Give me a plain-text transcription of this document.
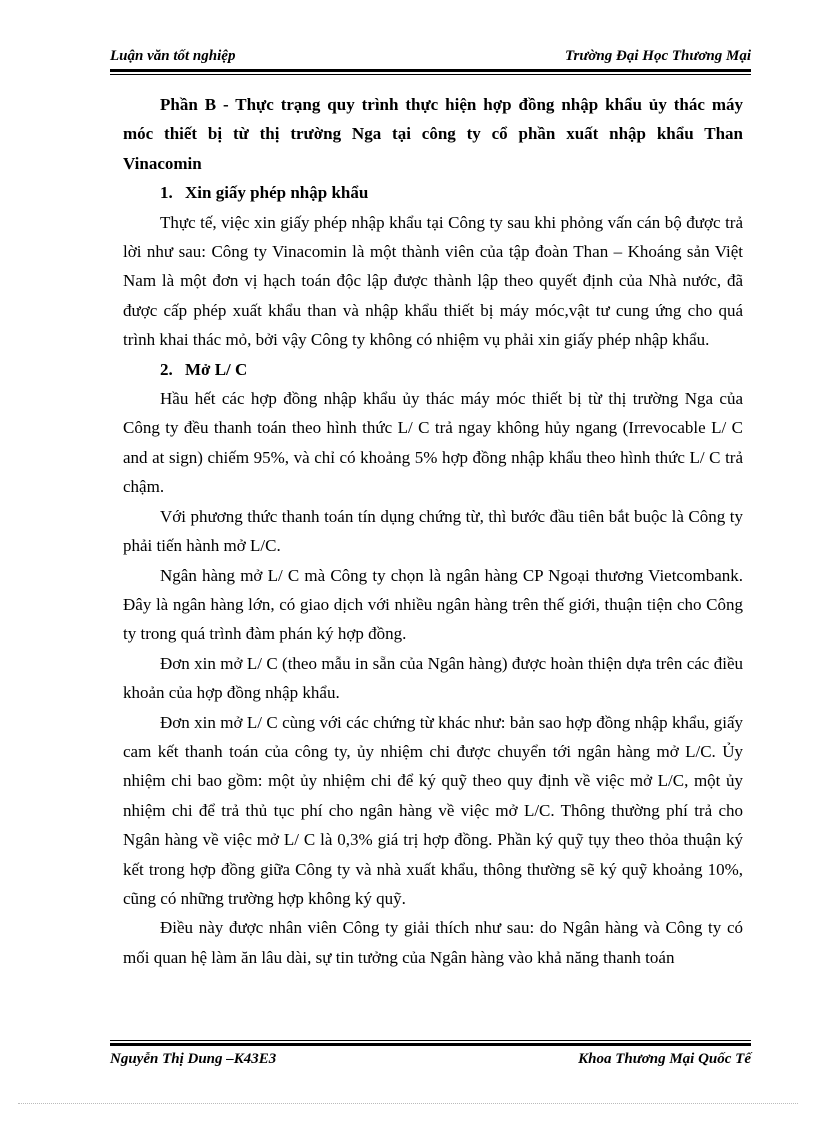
Luận văn tốt nghiệp	Trường Đại Học Thương Mại

Phần B - Thực trạng quy trình thực hiện hợp đồng nhập khẩu ủy thác máy móc thiết bị từ thị trường Nga tại công ty cổ phần xuất nhập khẩu Than Vinacomin

1. Xin giấy phép nhập khẩu

Thực tế, việc xin giấy phép nhập khẩu tại Công ty sau khi phỏng vấn cán bộ được trả lời như sau: Công ty Vinacomin là một thành viên của tập đoàn Than – Khoáng sản Việt Nam là một đơn vị hạch toán độc lập được thành lập theo quyết định của Nhà nước, đã được cấp phép xuất khẩu than và nhập khẩu thiết bị máy móc,vật tư cung ứng cho quá trình khai thác mỏ, bởi vậy Công ty không có nhiệm vụ phải xin giấy phép nhập khẩu.

2. Mở L/ C

Hầu hết các hợp đồng nhập khẩu ủy thác máy móc thiết bị từ thị trường Nga của Công ty đều thanh toán theo hình thức L/ C trả ngay không hủy ngang (Irrevocable L/ C and at sign) chiếm 95%, và chỉ có khoảng 5% hợp đồng nhập khẩu theo hình thức L/ C trả chậm.

Với phương thức thanh toán tín dụng chứng từ, thì bước đầu tiên bắt buộc là Công ty phải tiến hành mở L/C.

Ngân hàng mở L/ C mà Công ty chọn là ngân hàng CP Ngoại thương Vietcombank. Đây là ngân hàng lớn, có giao dịch với nhiều ngân hàng trên thế giới, thuận tiện cho Công ty trong quá trình đàm phán ký hợp đồng.

Đơn xin mở L/ C (theo mẫu in sẵn của Ngân hàng) được hoàn thiện dựa trên các điều khoản của hợp đồng nhập khẩu.

Đơn xin mở L/ C cùng với các chứng từ khác như: bản sao hợp đồng nhập khẩu, giấy cam kết thanh toán của công ty, ủy nhiệm chi được chuyển tới ngân hàng mở L/C. Ủy nhiệm chi bao gồm: một ủy nhiệm chi để ký quỹ theo quy định về việc mở L/C, một ủy nhiệm chi để trả thủ tục phí cho ngân hàng về việc mở L/C. Thông thường phí trả cho Ngân hàng về việc mở L/ C là 0,3% giá trị hợp đồng. Phần ký quỹ tụy theo thỏa thuận ký kết trong hợp đồng giữa Công ty và nhà xuất khẩu, thông thường sẽ ký quỹ khoảng 10%, cũng có những trường hợp không ký quỹ.

Điều này được nhân viên Công ty giải thích như sau: do Ngân hàng và Công ty có mối quan hệ làm ăn lâu dài, sự tin tưởng của Ngân hàng vào khả năng thanh toán

Nguyễn Thị Dung –K43E3	Khoa Thương Mại Quốc Tế
